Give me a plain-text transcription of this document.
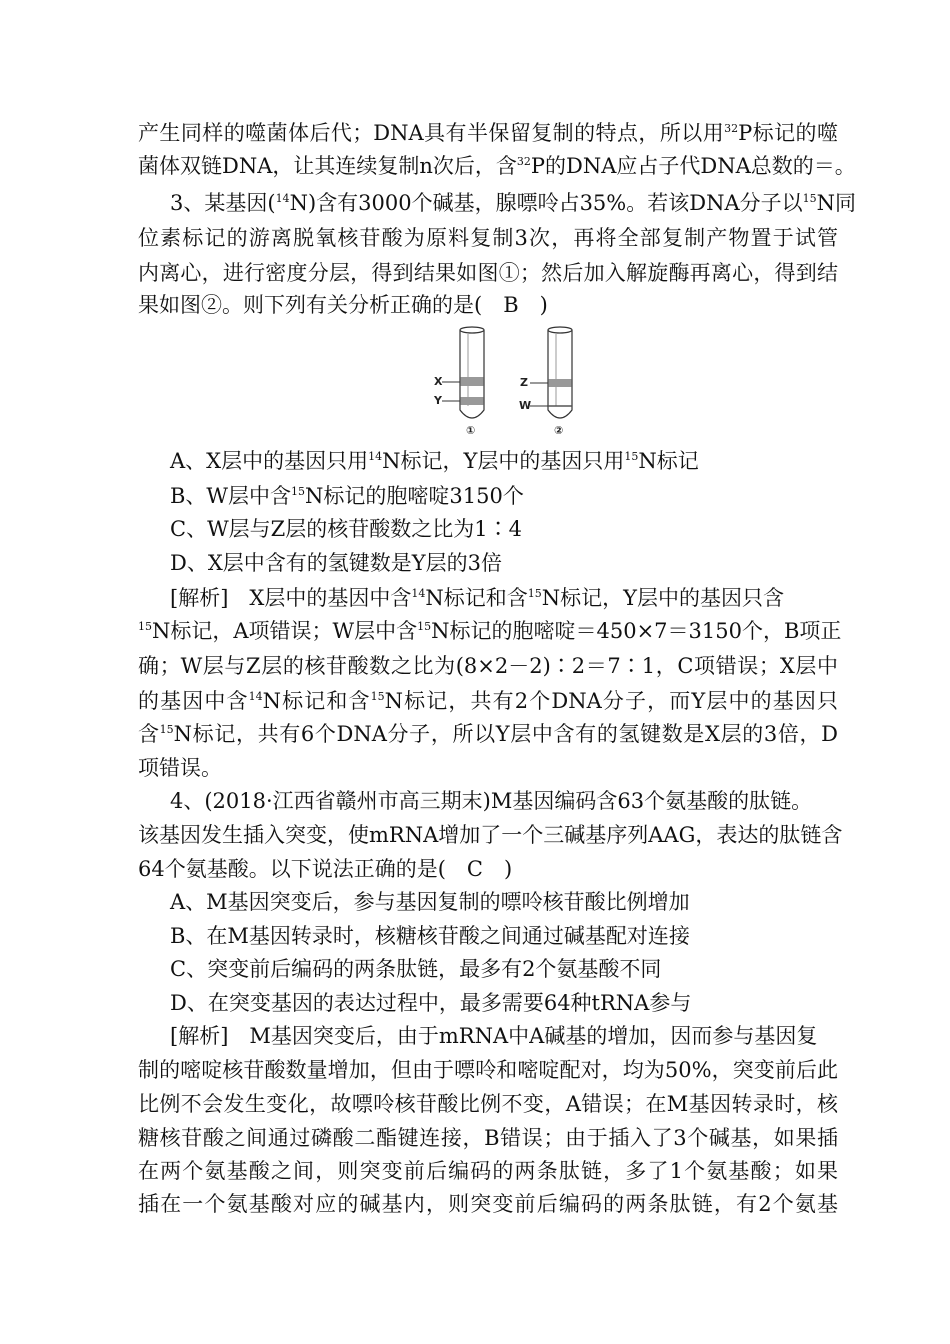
产生同样的噬菌体后代；DNA具有半保留复制的特点，所以用$^{32}$P标记的噬
菌体双链DNA，让其连续复制n次后，含$^{32}$P的DNA应占子代DNA总数的＝。
3、某基因($^{14}$N)含有3000个碱基，腺嘌呤占35%。若该DNA分子以$^{15}$N同
位素标记的游离脱氧核苷酸为原料复制3次，再将全部复制产物置于试管
内离心，进行密度分层，得到结果如图①；然后加入解旋酶再离心，得到结
果如图②。则下列有关分析正确的是(　B　)
X
Y
①
Z
W
②
A、X层中的基因只用$^{14}$N标记，Y层中的基因只用$^{15}$N标记
B、W层中含$^{15}$N标记的胞嘧啶3150个
C、W层与Z层的核苷酸数之比为1∶4
D、X层中含有的氢键数是Y层的3倍
[解析]　X层中的基因中含$^{14}$N标记和含$^{15}$N标记，Y层中的基因只含
$^{15}$N标记，A项错误；W层中含$^{15}$N标记的胞嘧啶＝450×7＝3150个，B项正
确；W层与Z层的核苷酸数之比为(8×2－2)∶2＝7∶1，C项错误；X层中
的基因中含$^{14}$N标记和含$^{15}$N标记，共有2个DNA分子，而Y层中的基因只
含$^{15}$N标记，共有6个DNA分子，所以Y层中含有的氢键数是X层的3倍，D
项错误。
4、(2018·江西省赣州市高三期末)M基因编码含63个氨基酸的肽链。
该基因发生插入突变，使mRNA增加了一个三碱基序列AAG，表达的肽链含
64个氨基酸。以下说法正确的是(　C　)
A、M基因突变后，参与基因复制的嘌呤核苷酸比例增加
B、在M基因转录时，核糖核苷酸之间通过碱基配对连接
C、突变前后编码的两条肽链，最多有2个氨基酸不同
D、在突变基因的表达过程中，最多需要64种tRNA参与
[解析]　M基因突变后，由于mRNA中A碱基的增加，因而参与基因复
制的嘧啶核苷酸数量增加，但由于嘌呤和嘧啶配对，均为50%，突变前后此
比例不会发生变化，故嘌呤核苷酸比例不变，A错误；在M基因转录时，核
糖核苷酸之间通过磷酸二酯键连接，B错误；由于插入了3个碱基，如果插
在两个氨基酸之间，则突变前后编码的两条肽链，多了1个氨基酸；如果
插在一个氨基酸对应的碱基内，则突变前后编码的两条肽链，有2个氨基
